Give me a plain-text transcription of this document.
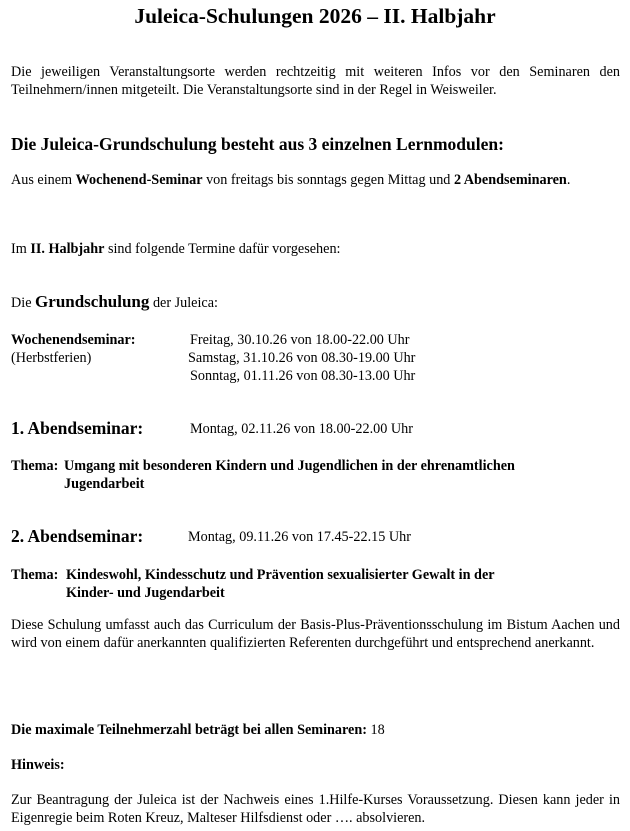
Juleica-Schulungen 2026 – II. Halbjahr
Die jeweiligen Veranstaltungsorte werden rechtzeitig mit weiteren Infos vor den Seminaren den Teilnehmern/innen mitgeteilt. Die Veranstaltungsorte sind in der Regel in Weisweiler.
Die Juleica-Grundschulung besteht aus 3 einzelnen Lernmodulen:
Aus einem Wochenend-Seminar von freitags bis sonntags gegen Mittag und 2 Abendseminaren.
Im II. Halbjahr sind folgende Termine dafür vorgesehen:
Die Grundschulung der Juleica:
Wochenendseminar:
(Herbstferien)
Freitag, 30.10.26 von 18.00-22.00 Uhr
Samstag, 31.10.26 von 08.30-19.00 Uhr
Sonntag, 01.11.26 von 08.30-13.00 Uhr
1. Abendseminar:	Montag, 02.11.26 von 18.00-22.00 Uhr
Thema: Umgang mit besonderen Kindern und Jugendlichen in der ehrenamtlichen
Jugendarbeit
2. Abendseminar:	Montag, 09.11.26 von 17.45-22.15 Uhr
Thema: Kindeswohl, Kindesschutz und Prävention sexualisierter Gewalt in der
Kinder- und Jugendarbeit
Diese Schulung umfasst auch das Curriculum der Basis-Plus-Präventionsschulung im Bistum Aachen und wird von einem dafür anerkannten qualifizierten Referenten durchgeführt und entsprechend anerkannt.
Die maximale Teilnehmerzahl beträgt bei allen Seminaren: 18
Hinweis:
Zur Beantragung der Juleica ist der Nachweis eines 1.Hilfe-Kurses Voraussetzung. Diesen kann jeder in Eigenregie beim Roten Kreuz, Malteser Hilfsdienst oder …. absolvieren.
